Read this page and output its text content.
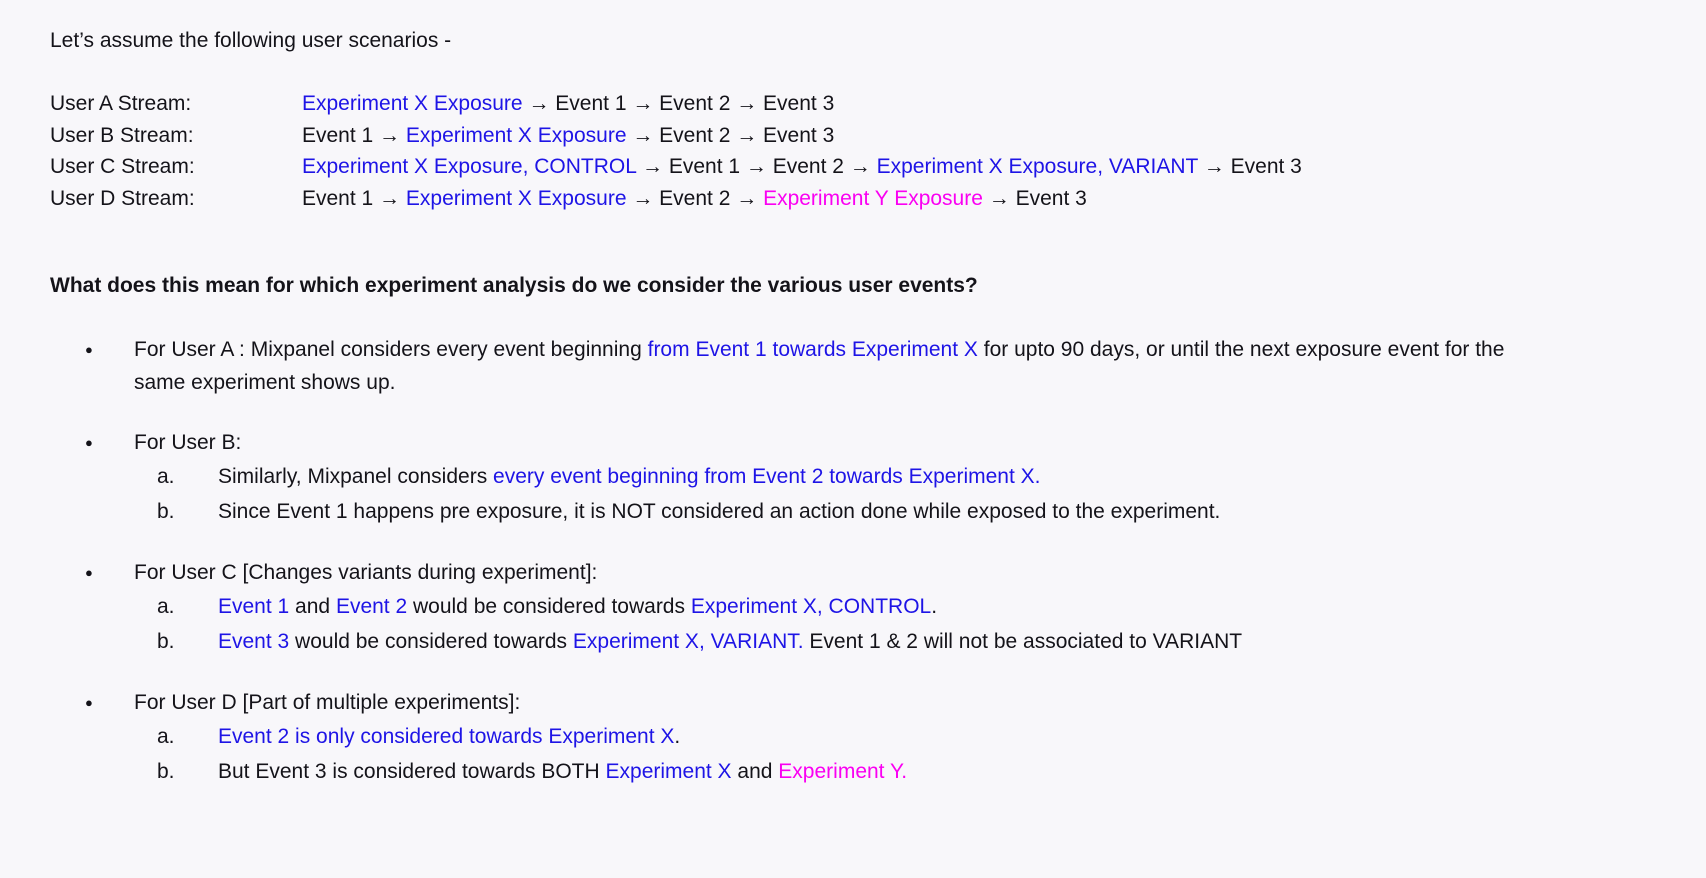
Let’s assume the following user scenarios -

User A Stream:	Experiment X Exposure → Event 1 → Event 2 → Event 3
User B Stream:	Event 1 → Experiment X Exposure → Event 2 → Event 3
User C Stream:	Experiment X Exposure, CONTROL → Event 1 → Event 2 → Experiment X Exposure, VARIANT → Event 3
User D Stream:	Event 1 → Experiment X Exposure → Event 2 → Experiment Y Exposure → Event 3

What does this mean for which experiment analysis do we consider the various user events?

● For User A : Mixpanel considers every event beginning from Event 1 towards Experiment X for upto 90 days, or until the next exposure event for the same experiment shows up.
● For User B:
a. Similarly, Mixpanel considers every event beginning from Event 2 towards Experiment X.
b. Since Event 1 happens pre exposure, it is NOT considered an action done while exposed to the experiment.
● For User C [Changes variants during experiment]:
a. Event 1 and Event 2 would be considered towards Experiment X, CONTROL.
b. Event 3 would be considered towards Experiment X, VARIANT. Event 1 & 2 will not be associated to VARIANT
● For User D [Part of multiple experiments]:
a. Event 2 is only considered towards Experiment X.
b. But Event 3 is considered towards BOTH Experiment X and Experiment Y.
